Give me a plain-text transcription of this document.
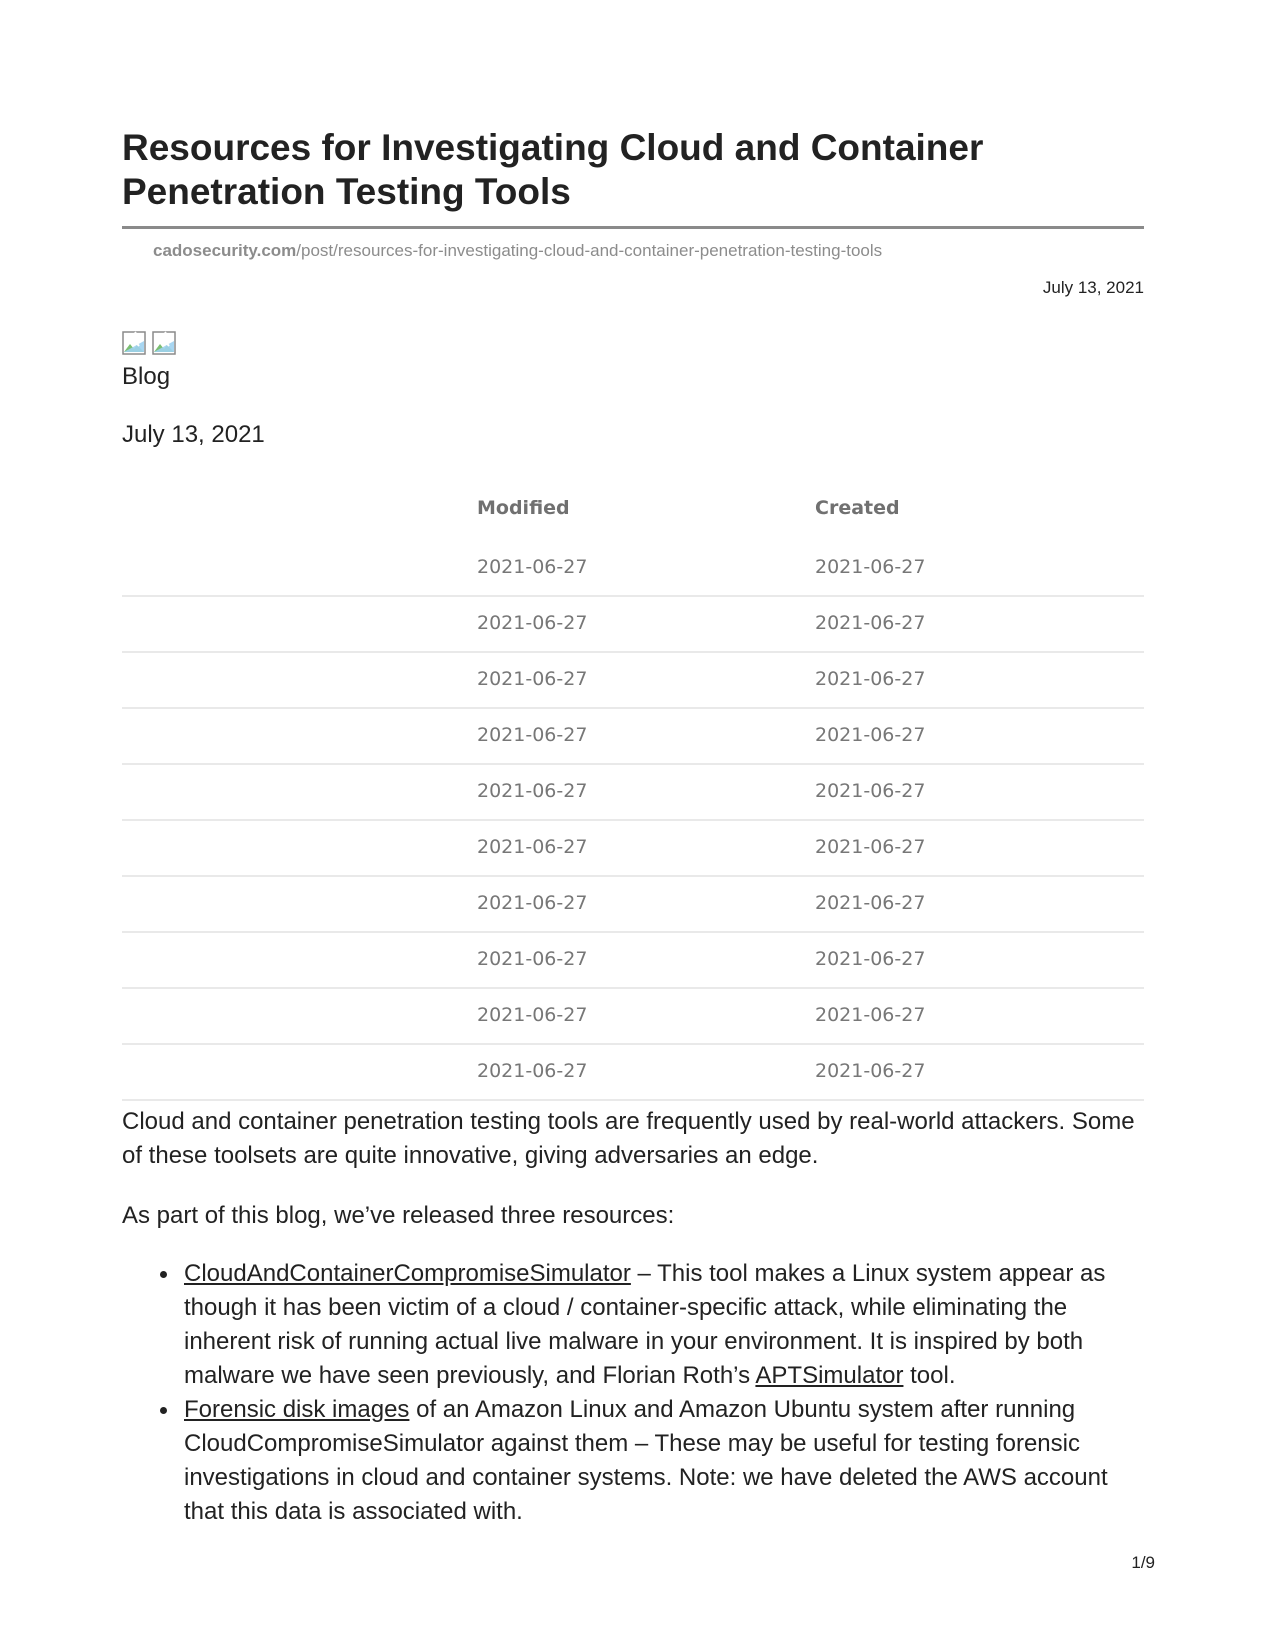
Resources for Investigating Cloud and Container Penetration Testing Tools
cadosecurity.com/post/resources-for-investigating-cloud-and-container-penetration-testing-tools
July 13, 2021
Blog
July 13, 2021
Modified	Created
2021-06-27	2021-06-27
2021-06-27	2021-06-27
2021-06-27	2021-06-27
2021-06-27	2021-06-27
2021-06-27	2021-06-27
2021-06-27	2021-06-27
2021-06-27	2021-06-27
2021-06-27	2021-06-27
2021-06-27	2021-06-27
2021-06-27	2021-06-27

Cloud and container penetration testing tools are frequently used by real-world attackers. Some of these toolsets are quite innovative, giving adversaries an edge.

As part of this blog, we’ve released three resources:

CloudAndContainerCompromiseSimulator – This tool makes a Linux system appear as though it has been victim of a cloud / container-specific attack, while eliminating the inherent risk of running actual live malware in your environment. It is inspired by both malware we have seen previously, and Florian Roth’s APTSimulator tool.
Forensic disk images of an Amazon Linux and Amazon Ubuntu system after running CloudCompromiseSimulator against them – These may be useful for testing forensic investigations in cloud and container systems. Note: we have deleted the AWS account that this data is associated with.
1/9
